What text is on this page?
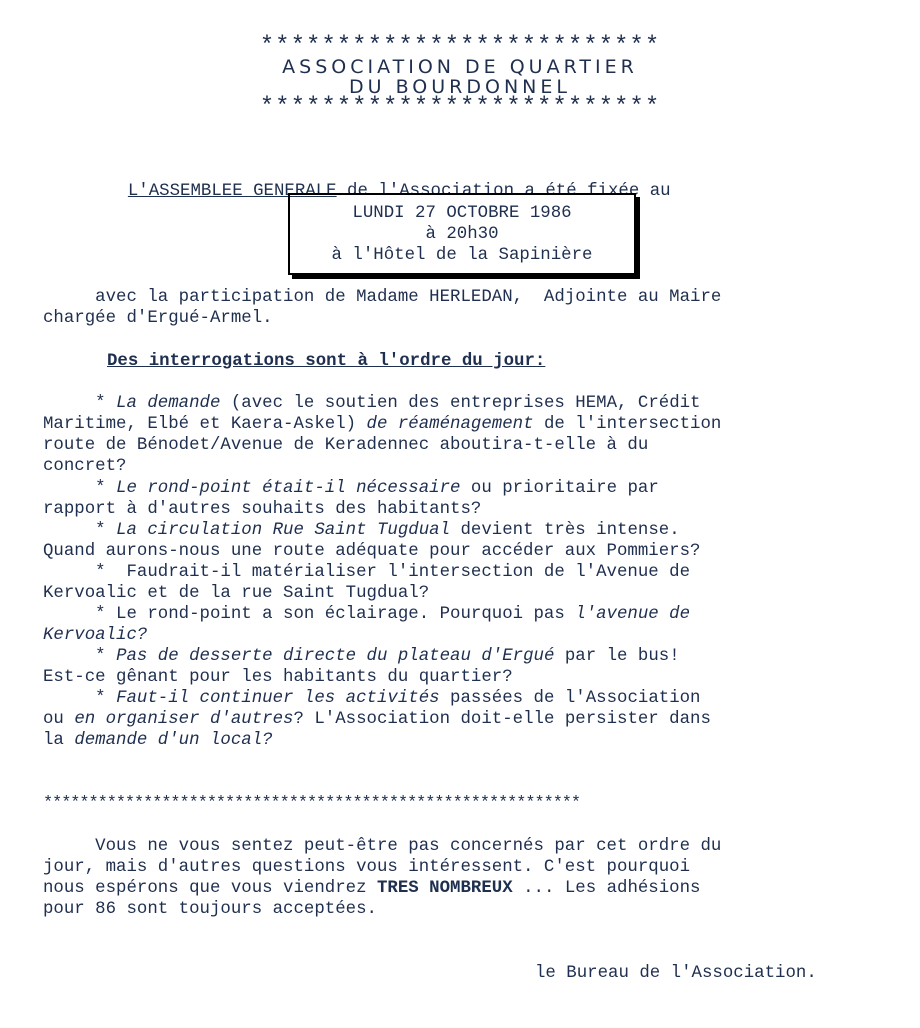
**************************
ASSOCIATION DE QUARTIER
DU BOURDONNEL
**************************

L'ASSEMBLEE GENERALE de l'Association a été fixée au

LUNDI 27 OCTOBRE 1986
à 20h30
à l'Hôtel de la Sapinière
avec la participation de Madame HERLEDAN,  Adjointe au Maire
chargée d'Ergué-Armel.
Des interrogations sont à l'ordre du jour:
* La demande (avec le soutien des entreprises HEMA, Crédit
Maritime, Elbé et Kaera-Askel) de réaménagement de l'intersection
route de Bénodet/Avenue de Keradennec aboutira-t-elle à du
concret?
* Le rond-point était-il nécessaire ou prioritaire par
rapport à d'autres souhaits des habitants?
* La circulation Rue Saint Tugdual devient très intense.
Quand aurons-nous une route adéquate pour accéder aux Pommiers?
*  Faudrait-il matérialiser l'intersection de l'Avenue de
Kervoalic et de la rue Saint Tugdual?
* Le rond-point a son éclairage. Pourquoi pas l'avenue de
Kervoalic?
* Pas de desserte directe du plateau d'Ergué par le bus!
Est-ce gênant pour les habitants du quartier?
* Faut-il continuer les activités passées de l'Association
ou en organiser d'autres? L'Association doit-elle persister dans
la demande d'un local?
***********************************************************
Vous ne vous sentez peut-être pas concernés par cet ordre du
jour, mais d'autres questions vous intéressent. C'est pourquoi
nous espérons que vous viendrez TRES NOMBREUX ... Les adhésions
pour 86 sont toujours acceptées.
le Bureau de l'Association.
